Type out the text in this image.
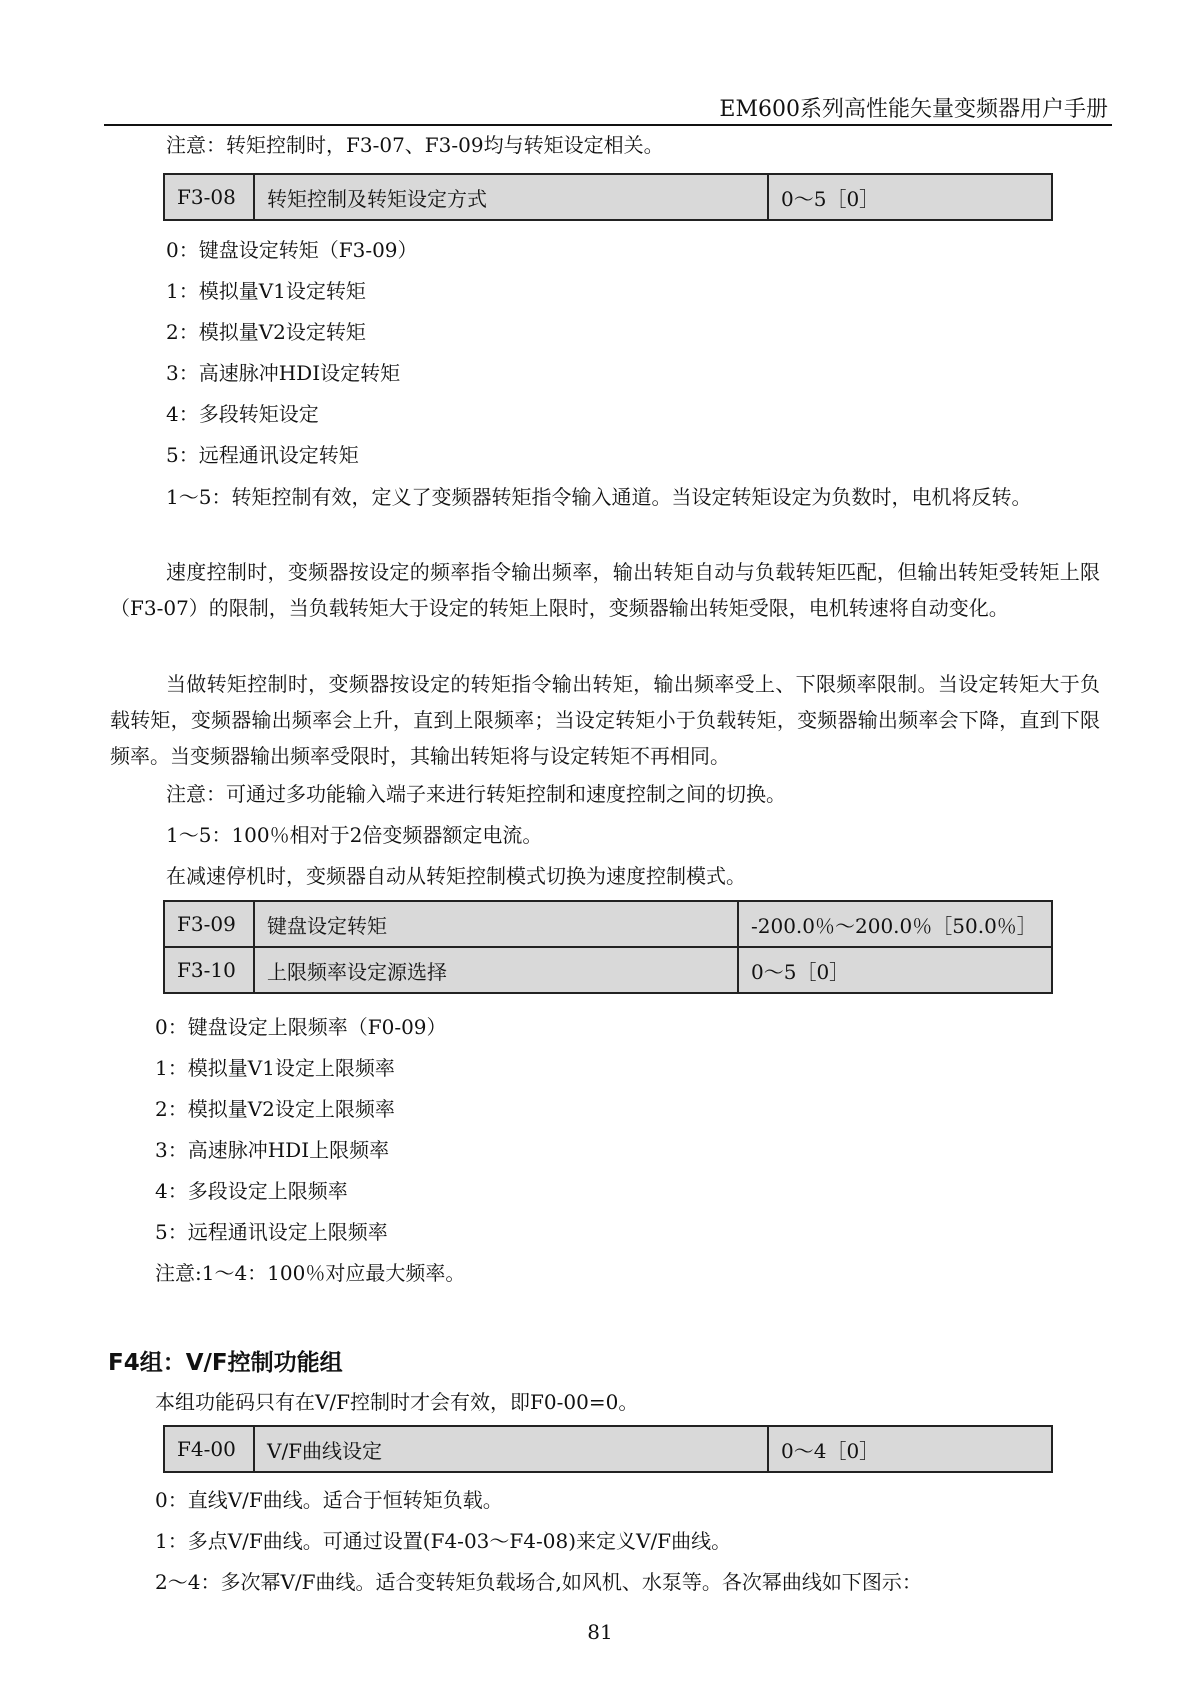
EM600系列高性能矢量变频器用户手册
注意：转矩控制时，F3-07、F3-09均与转矩设定相关。
F3-08	转矩控制及转矩设定方式	0～5［0］
0：键盘设定转矩（F3-09）
1：模拟量V1设定转矩
2：模拟量V2设定转矩
3：高速脉冲HDI设定转矩
4：多段转矩设定
5：远程通讯设定转矩
1～5：转矩控制有效，定义了变频器转矩指令输入通道。当设定转矩设定为负数时，电机将反转。
速度控制时，变频器按设定的频率指令输出频率，输出转矩自动与负载转矩匹配，但输出转矩受转矩上限（F3-07）的限制，当负载转矩大于设定的转矩上限时，变频器输出转矩受限，电机转速将自动变化。
当做转矩控制时，变频器按设定的转矩指令输出转矩，输出频率受上、下限频率限制。当设定转矩大于负载转矩，变频器输出频率会上升，直到上限频率；当设定转矩小于负载转矩，变频器输出频率会下降，直到下限频率。当变频器输出频率受限时，其输出转矩将与设定转矩不再相同。
注意：可通过多功能输入端子来进行转矩控制和速度控制之间的切换。
1～5：100％相对于2倍变频器额定电流。
在减速停机时，变频器自动从转矩控制模式切换为速度控制模式。
F3-09	键盘设定转矩	-200.0％～200.0％［50.0％］
F3-10	上限频率设定源选择	0～5［0］
0：键盘设定上限频率（F0-09）
1：模拟量V1设定上限频率
2：模拟量V2设定上限频率
3：高速脉冲HDI上限频率
4：多段设定上限频率
5：远程通讯设定上限频率
注意:1～4：100％对应最大频率。
F4组：V/F控制功能组
本组功能码只有在V/F控制时才会有效，即F0-00=0。
F4-00	V/F曲线设定	0～4［0］
0：直线V/F曲线。适合于恒转矩负载。
1：多点V/F曲线。可通过设置(F4-03～F4-08)来定义V/F曲线。
2～4：多次幂V/F曲线。适合变转矩负载场合,如风机、水泵等。各次幂曲线如下图示：
81
